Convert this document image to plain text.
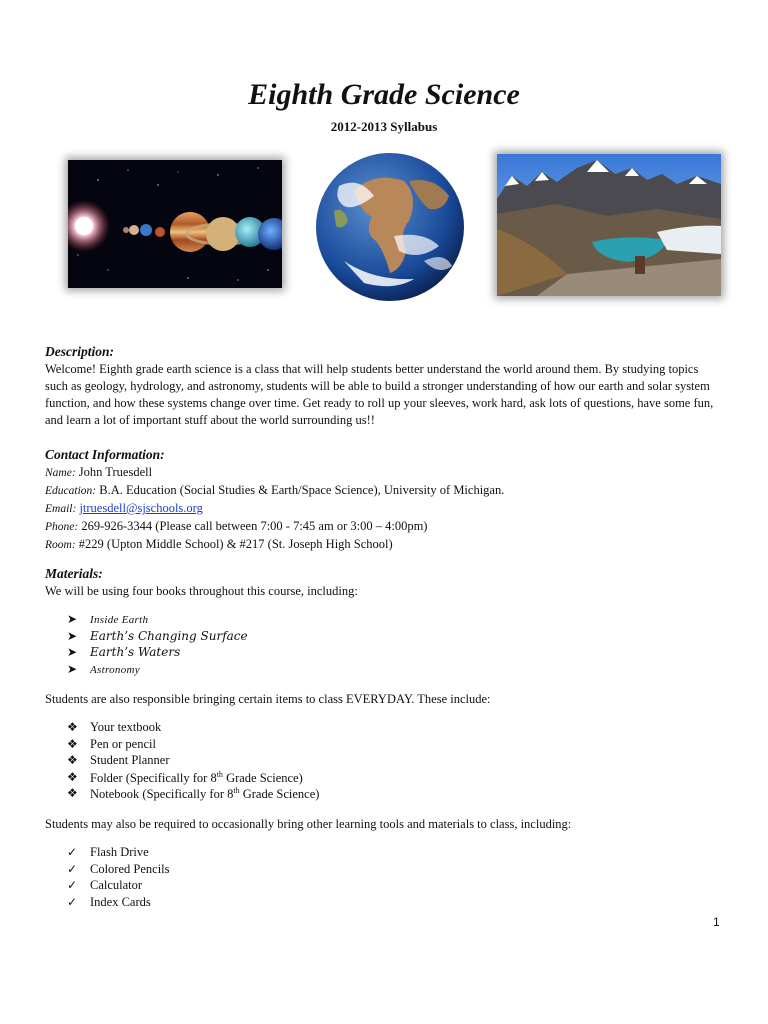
Eighth Grade Science
2012-2013 Syllabus
Description:
Welcome! Eighth grade earth science is a class that will help students better understand the world around them. By studying topics
such as geology, hydrology, and astronomy, students will be able to build a stronger understanding of how our earth and solar system
function, and how these systems change over time. Get ready to roll up your sleeves, work hard, ask lots of questions, have some fun,
and learn a lot of important stuff about the world surrounding us!!
Contact Information:
Name: John Truesdell
Education: B.A. Education (Social Studies & Earth/Space Science), University of Michigan.
Email: jtruesdell@sjschools.org
Phone: 269-926-3344 (Please call between 7:00 - 7:45 am or 3:00 – 4:00pm)
Room: #229 (Upton Middle School) & #217 (St. Joseph High School)
Materials:
We will be using four books throughout this course, including:
➤ Inside Earth
➤ Earth’s Changing Surface
➤ Earth’s Waters
➤ Astronomy
Students are also responsible bringing certain items to class EVERYDAY. These include:
❖ Your textbook
❖ Pen or pencil
❖ Student Planner
❖ Folder (Specifically for 8th Grade Science)
❖ Notebook (Specifically for 8th Grade Science)
Students may also be required to occasionally bring other learning tools and materials to class, including:
✓ Flash Drive
✓ Colored Pencils
✓ Calculator
✓ Index Cards
1
